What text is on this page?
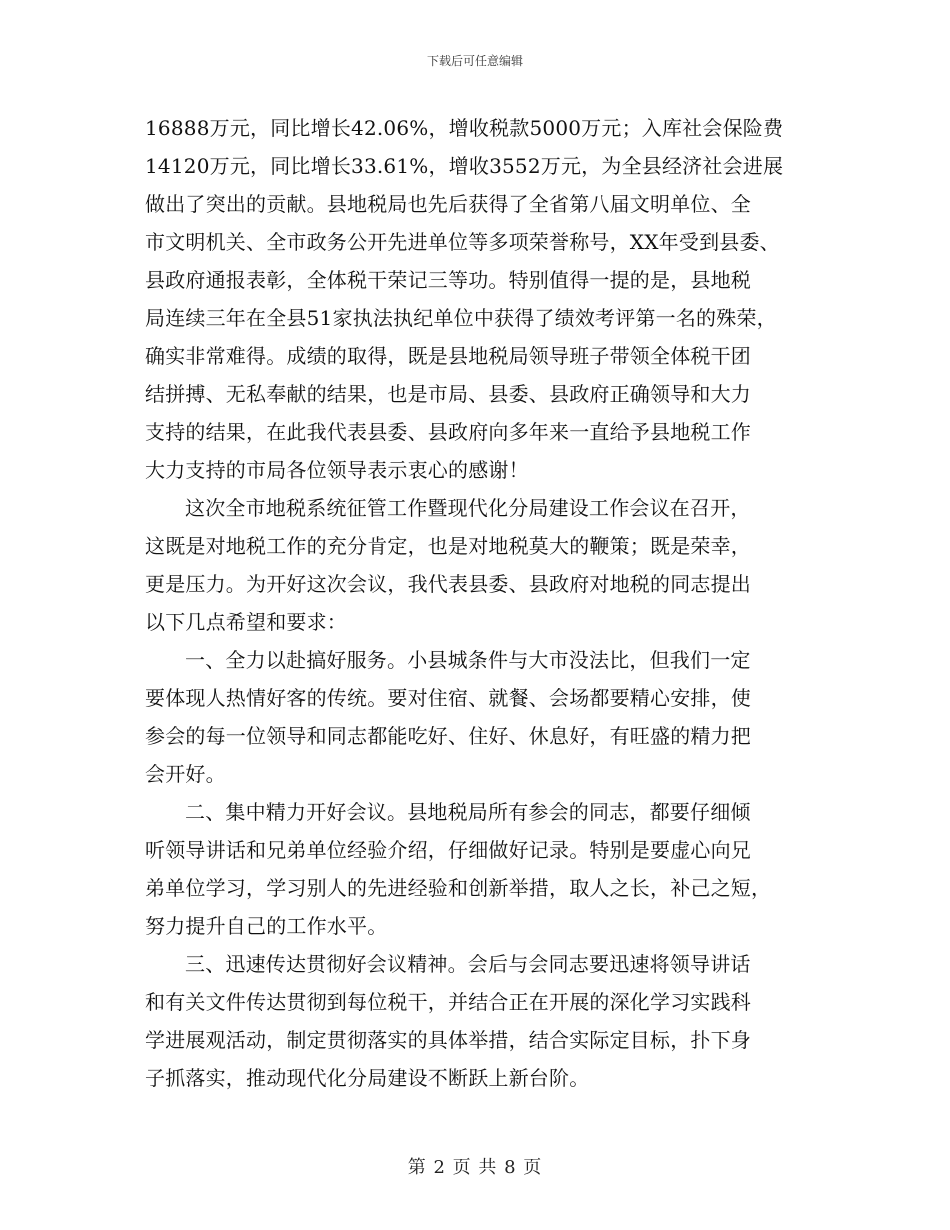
下载后可任意编辑
16888万元，同比增长42.06%，增收税款5000万元；入库社会保险费
14120万元，同比增长33.61%，增收3552万元，为全县经济社会进展
做出了突出的贡献。县地税局也先后获得了全省第八届文明单位、全
市文明机关、全市政务公开先进单位等多项荣誉称号，XX年受到县委、
县政府通报表彰，全体税干荣记三等功。特别值得一提的是，县地税
局连续三年在全县51家执法执纪单位中获得了绩效考评第一名的殊荣，
确实非常难得。成绩的取得，既是县地税局领导班子带领全体税干团
结拼搏、无私奉献的结果，也是市局、县委、县政府正确领导和大力
支持的结果，在此我代表县委、县政府向多年来一直给予县地税工作
大力支持的市局各位领导表示衷心的感谢！
这次全市地税系统征管工作暨现代化分局建设工作会议在召开，
这既是对地税工作的充分肯定，也是对地税莫大的鞭策；既是荣幸，
更是压力。为开好这次会议，我代表县委、县政府对地税的同志提出
以下几点希望和要求：
一、全力以赴搞好服务。小县城条件与大市没法比，但我们一定
要体现人热情好客的传统。要对住宿、就餐、会场都要精心安排，使
参会的每一位领导和同志都能吃好、住好、休息好，有旺盛的精力把
会开好。
二、集中精力开好会议。县地税局所有参会的同志，都要仔细倾
听领导讲话和兄弟单位经验介绍，仔细做好记录。特别是要虚心向兄
弟单位学习，学习别人的先进经验和创新举措，取人之长，补己之短，
努力提升自己的工作水平。
三、迅速传达贯彻好会议精神。会后与会同志要迅速将领导讲话
和有关文件传达贯彻到每位税干，并结合正在开展的深化学习实践科
学进展观活动，制定贯彻落实的具体举措，结合实际定目标，扑下身
子抓落实，推动现代化分局建设不断跃上新台阶。
第 2 页 共 8 页
